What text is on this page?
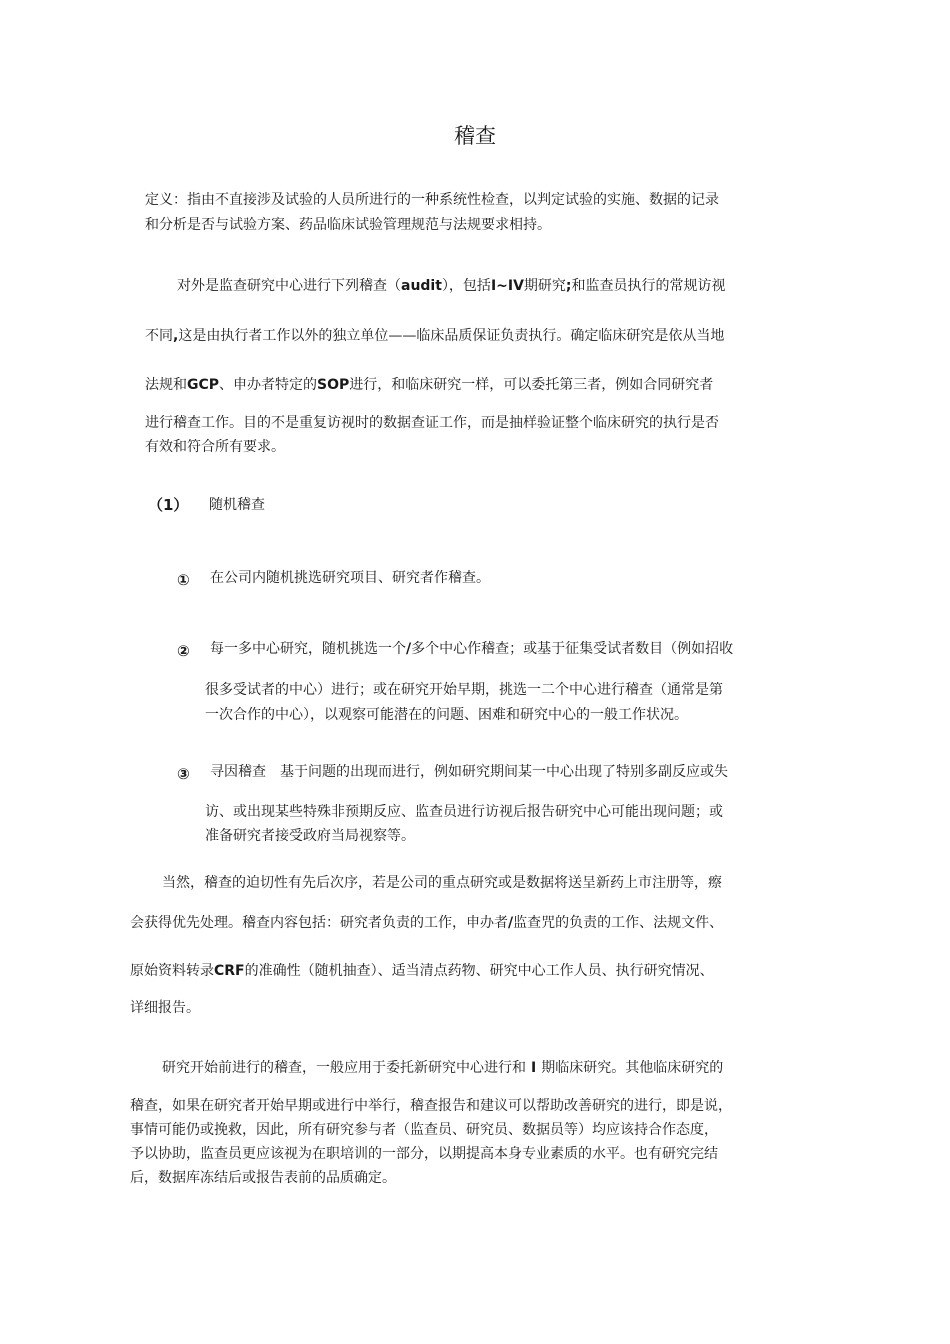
稽查
定义：指由不直接涉及试验的人员所进行的一种系统性检查，以判定试验的实施、数据的记录
和分析是否与试验方案、药品临床试验管理规范与法规要求相持。
对外是监查研究中心进行下列稽查（audit），包括I~IV期研究;和监查员执行的常规访视
不同,这是由执行者工作以外的独立单位——临床品质保证负责执行。确定临床研究是依从当地
法规和GCP、申办者特定的SOP进行，和临床研究一样，可以委托第三者，例如合同研究者
进行稽查工作。目的不是重复访视时的数据查证工作，而是抽样验证整个临床研究的执行是否
有效和符合所有要求。
（1） 随机稽查
① 在公司内随机挑选研究项目、研究者作稽查。
② 每一多中心研究，随机挑选一个/多个中心作稽查；或基于征集受试者数目（例如招收
很多受试者的中心）进行；或在研究开始早期，挑选一二个中心进行稽查（通常是第
一次合作的中心），以观察可能潜在的问题、困难和研究中心的一般工作状况。
③ 寻因稽查　基于问题的出现而进行，例如研究期间某一中心出现了特别多副反应或失
访、或出现某些特殊非预期反应、监查员进行访视后报告研究中心可能出现问题；或
准备研究者接受政府当局视察等。
当然，稽查的迫切性有先后次序，若是公司的重点研究或是数据将送呈新药上市注册等，瘵
会获得优先处理。稽查内容包括：研究者负责的工作，申办者/监查咒的负责的工作、法规文件、
原始资料转录CRF的准确性（随机抽查）、适当清点药物、研究中心工作人员、执行研究情况、
详细报告。
研究开始前进行的稽查，一般应用于委托新研究中心进行和 I 期临床研究。其他临床研究的
稽查，如果在研究者开始早期或进行中举行，稽查报告和建议可以帮助改善研究的进行，即是说，
事情可能仍或挽救，因此，所有研究参与者（监查员、研究员、数据员等）均应该持合作态度，
予以协助，监查员更应该视为在职培训的一部分，以期提高本身专业素质的水平。也有研究完结
后，数据库冻结后或报告表前的品质确定。
